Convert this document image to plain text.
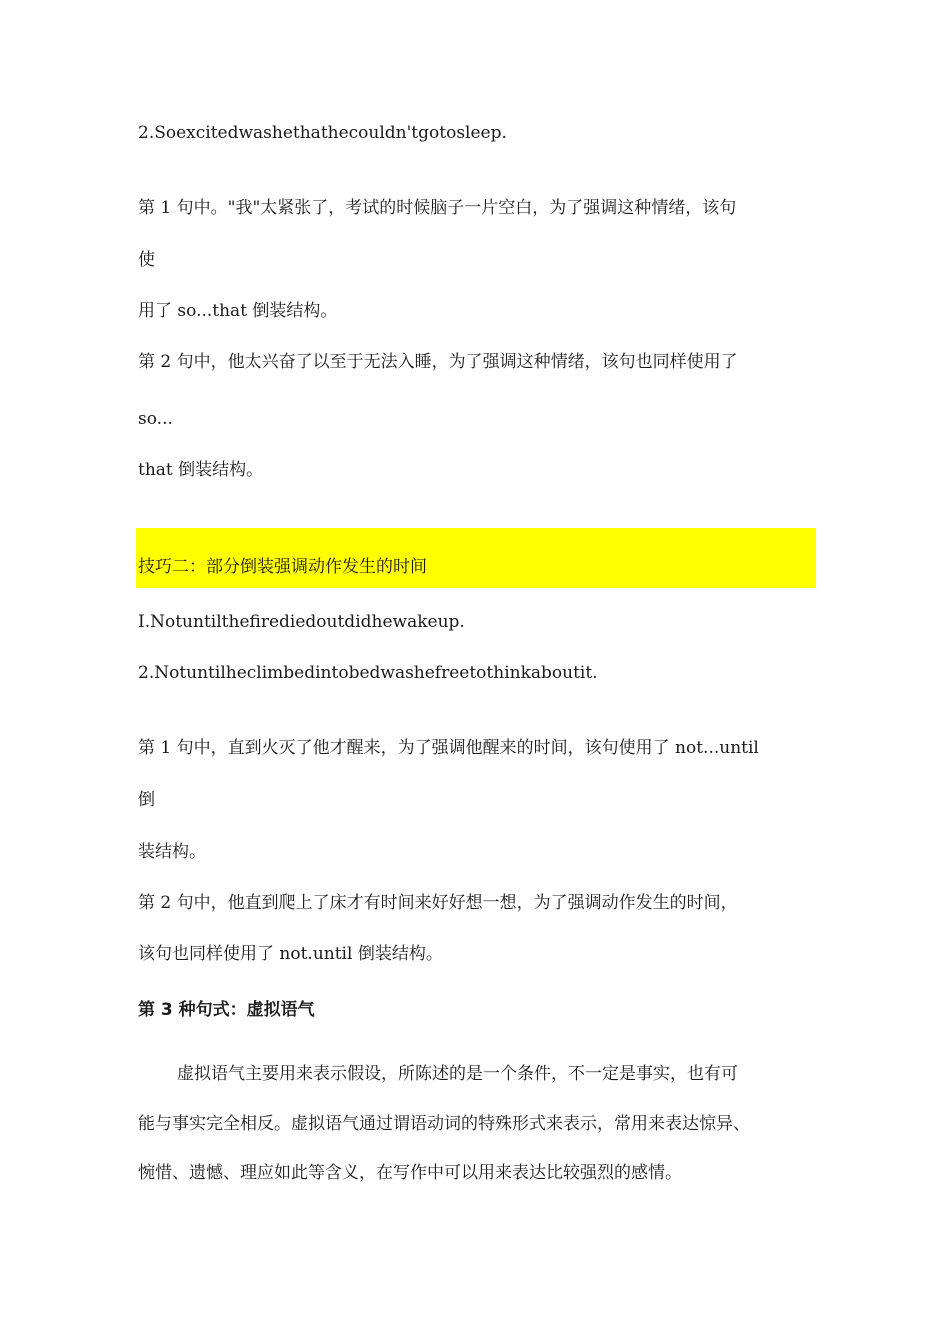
2.Soexcitedwashethathecouldn'tgotosleep.
第 1 句中。"我"太紧张了，考试的时候脑子一片空白，为了强调这种情绪，该句
使
用了 so...that 倒装结构。
第 2 句中，他太兴奋了以至于无法入睡，为了强调这种情绪，该句也同样使用了
so...
that 倒装结构。
技巧二：部分倒装强调动作发生的时间
I.Notuntilthefirediedoutdidhewakeup.
2.Notuntilheclimbedintobedwashefreetothinkaboutit.
第 1 句中，直到火灭了他才醒来，为了强调他醒来的时间，该句使用了 not...until
倒
装结构。
第 2 句中，他直到爬上了床才有时间来好好想一想，为了强调动作发生的时间，
该句也同样使用了 not.until 倒装结构。
第 3 种句式：虚拟语气
虚拟语气主要用来表示假设，所陈述的是一个条件，不一定是事实，也有可
能与事实完全相反。虚拟语气通过谓语动词的特殊形式来表示，常用来表达惊异、
惋惜、遗憾、理应如此等含义，在写作中可以用来表达比较强烈的感情。
